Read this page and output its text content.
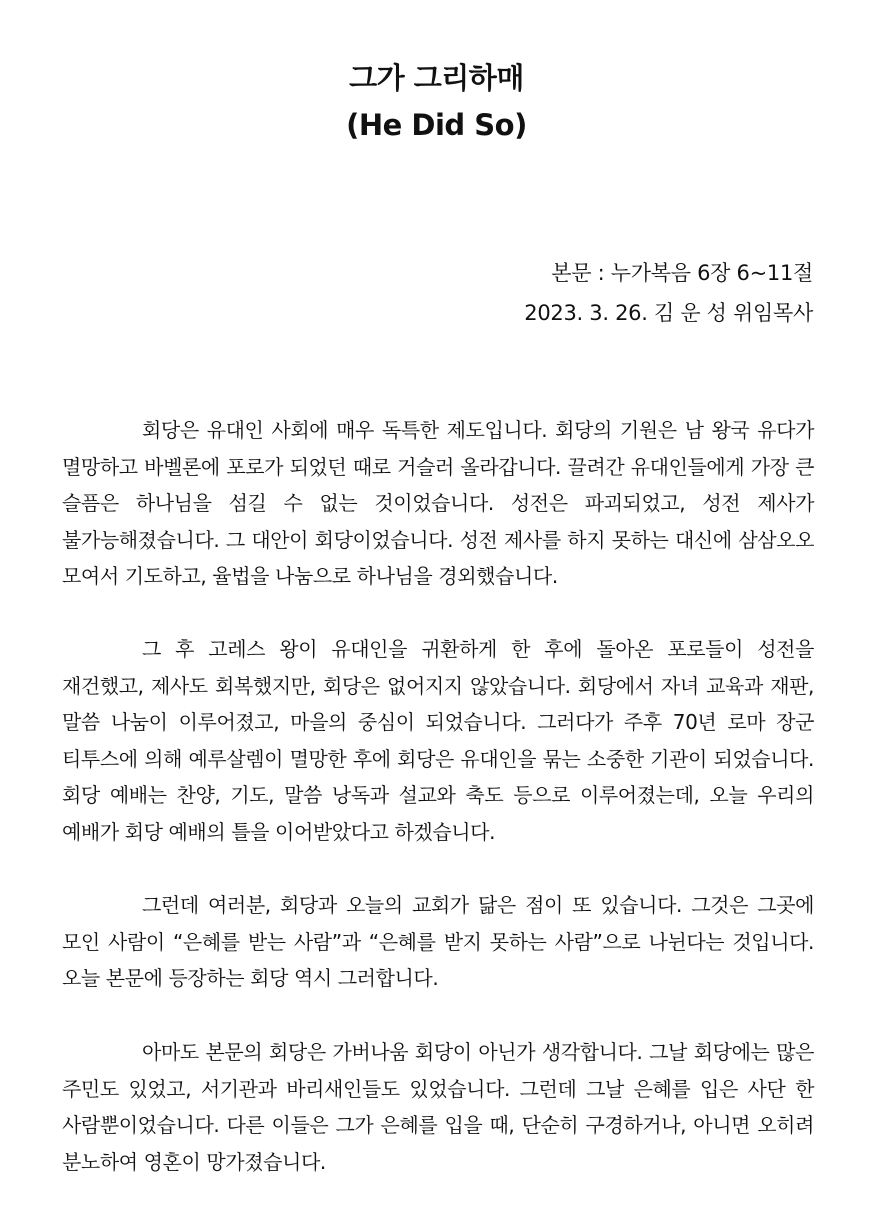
그가 그리하매
(He Did So)

본문 : 누가복음 6장 6~11절

2023. 3. 26. 김 운 성 위임목사

회당은 유대인 사회에 매우 독특한 제도입니다. 회당의 기원은 남 왕국 유다가 멸망하고 바벨론에 포로가 되었던 때로 거슬러 올라갑니다. 끌려간 유대인들에게 가장 큰 슬픔은 하나님을 섬길 수 없는 것이었습니다. 성전은 파괴되었고, 성전 제사가 불가능해졌습니다. 그 대안이 회당이었습니다. 성전 제사를 하지 못하는 대신에 삼삼오오 모여서 기도하고, 율법을 나눔으로 하나님을 경외했습니다.

그 후 고레스 왕이 유대인을 귀환하게 한 후에 돌아온 포로들이 성전을 재건했고, 제사도 회복했지만, 회당은 없어지지 않았습니다. 회당에서 자녀 교육과 재판, 말씀 나눔이 이루어졌고, 마을의 중심이 되었습니다. 그러다가 주후 70년 로마 장군 티투스에 의해 예루살렘이 멸망한 후에 회당은 유대인을 묶는 소중한 기관이 되었습니다. 회당 예배는 찬양, 기도, 말씀 낭독과 설교와 축도 등으로 이루어졌는데, 오늘 우리의 예배가 회당 예배의 틀을 이어받았다고 하겠습니다.

그런데 여러분, 회당과 오늘의 교회가 닮은 점이 또 있습니다. 그것은 그곳에 모인 사람이 “은혜를 받는 사람”과 “은혜를 받지 못하는 사람”으로 나뉜다는 것입니다. 오늘 본문에 등장하는 회당 역시 그러합니다.

아마도 본문의 회당은 가버나움 회당이 아닌가 생각합니다. 그날 회당에는 많은 주민도 있었고, 서기관과 바리새인들도 있었습니다. 그런데 그날 은혜를 입은 사단 한 사람뿐이었습니다. 다른 이들은 그가 은혜를 입을 때, 단순히 구경하거나, 아니면 오히려 분노하여 영혼이 망가졌습니다.
